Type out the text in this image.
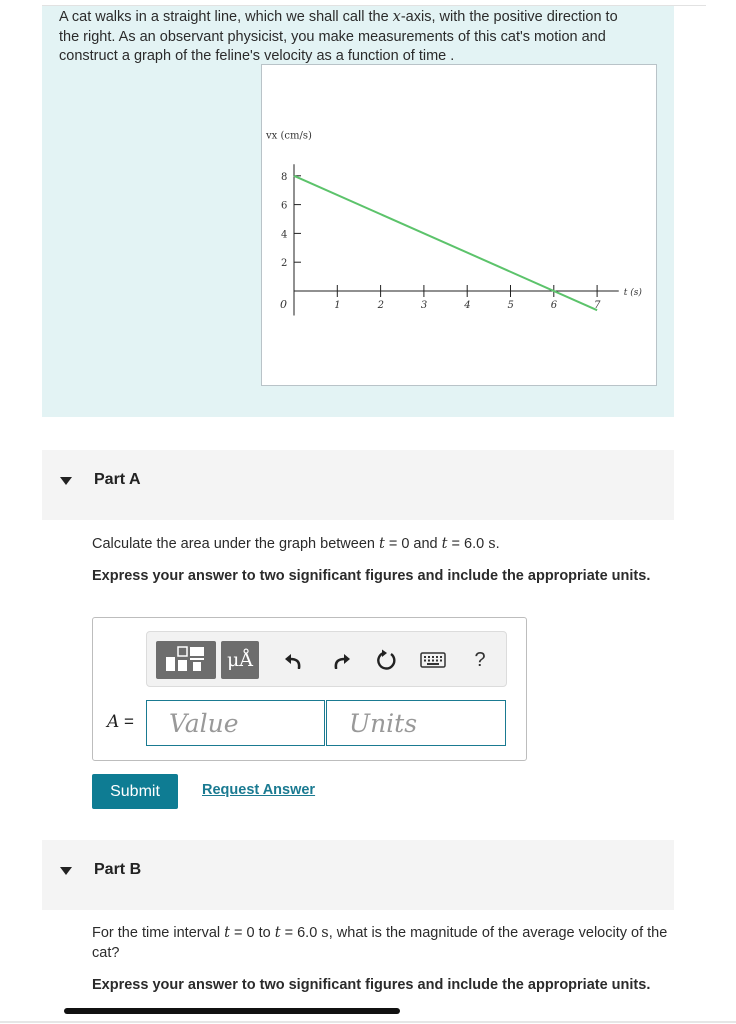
A cat walks in a straight line, which we shall call the x-axis, with the positive direction to the right. As an observant physicist, you make measurements of this cat's motion and construct a graph of the feline's velocity as a function of time .

vx (cm/s)
t (s)
2
4
6
8
1	2	3	4	5	6	7
0
Part A

Calculate the area under the graph between t = 0 and t = 6.0 s.

Express your answer to two significant figures and include the appropriate units.

μÅ	?
A =
Value
Units
Submit	Request Answer
Part B

For the time interval t = 0 to t = 6.0 s, what is the magnitude of the average velocity of the cat?

Express your answer to two significant figures and include the appropriate units.
